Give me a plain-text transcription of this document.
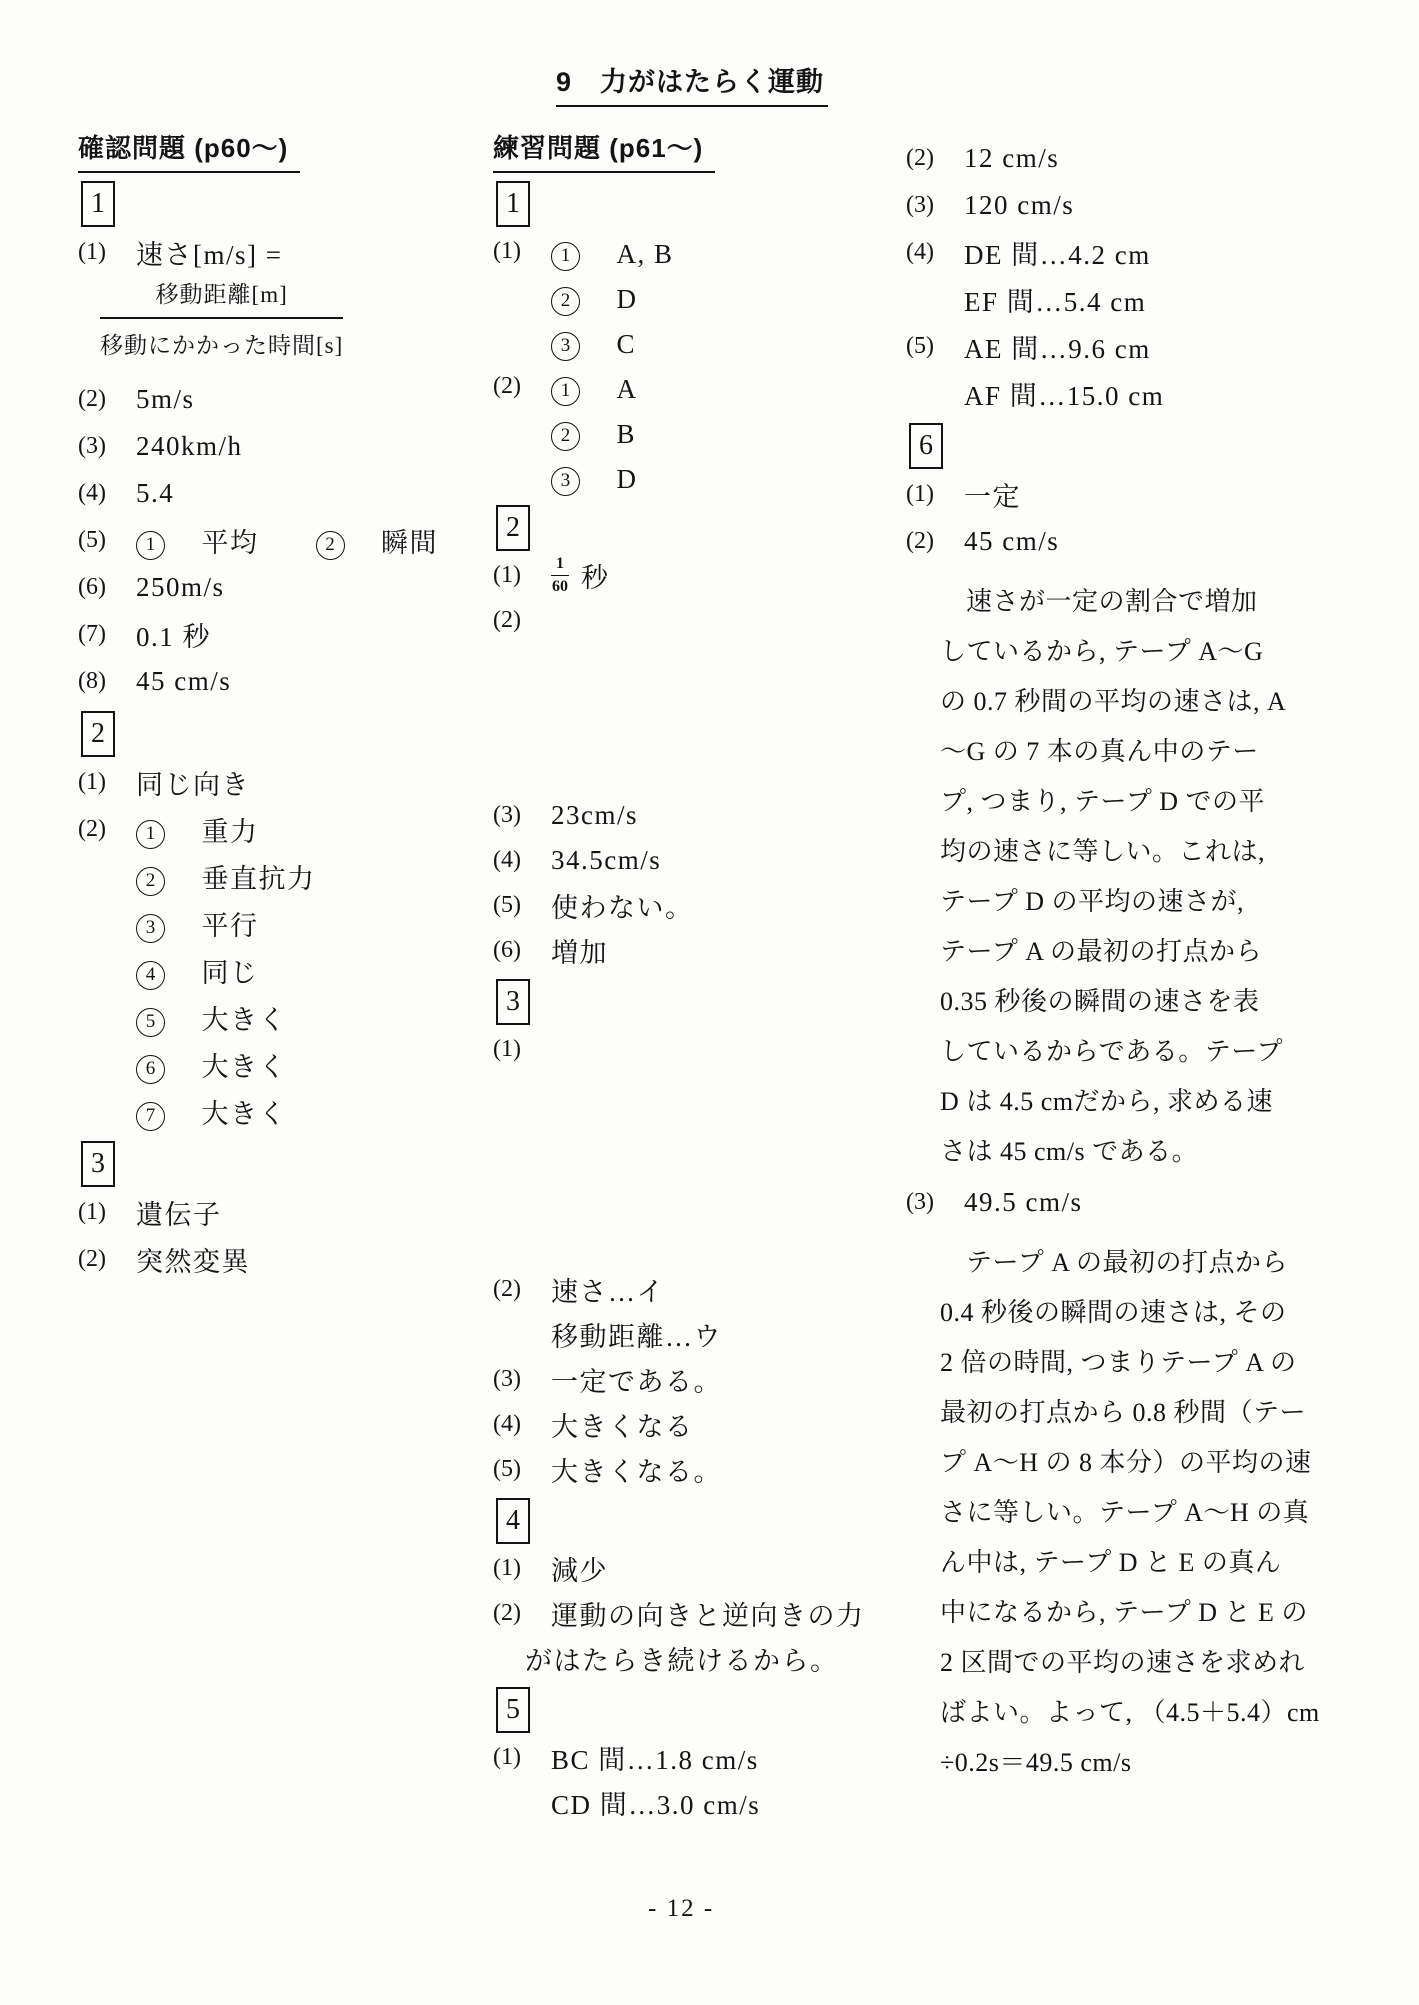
9　力がはたらく運動
確認問題 (p60～)
1
(1)	速さ[m/s] =
$\frac{\text{移動距離[m]}}{\text{移動にかかった時間[s]}}$
(2)	5m/s
(3)	240km/h
(4)	5.4
(5)	1　平均　　2　瞬間
(6)	250m/s
(7)	0.1 秒
(8)	45 cm/s
2
(1)	同じ向き
(2)	1　重力
2　垂直抗力
3　平行
4　同じ
5　大きく
6　大きく
7　大きく
3
(1)	遺伝子
(2)	突然変異
練習問題 (p61～)
1
(1)	1　A, B
2　D
3　C
(2)	1　A
2　B
3　D
2
(1)	$\frac{1}{60}$ 秒
(2)
(3)	23cm/s
(4)	34.5cm/s
(5)	使わない。
(6)	増加
3
(1)
(2)	速さ…イ
移動距離…ウ
(3)	一定である。
(4)	大きくなる
(5)	大きくなる。
4
(1)	減少
(2)	運動の向きと逆向きの力
がはたらき続けるから。
5
(1)	BC 間…1.8 cm/s
CD 間…3.0 cm/s
(2)	12 cm/s
(3)	120 cm/s
(4)	DE 間…4.2 cm
EF 間…5.4 cm
(5)	AE 間…9.6 cm
AF 間…15.0 cm
6
(1)	一定
(2)	45 cm/s
速さが一定の割合で増加
しているから, テープ A～G
の 0.7 秒間の平均の速さは, A
～G の 7 本の真ん中のテー
プ, つまり, テープ D での平
均の速さに等しい。これは,
テープ D の平均の速さが,
テープ A の最初の打点から
0.35 秒後の瞬間の速さを表
しているからである。テープ
D は 4.5 cmだから, 求める速
さは 45 cm/s である。
(3)	49.5 cm/s
テープ A の最初の打点から
0.4 秒後の瞬間の速さは, その
2 倍の時間, つまりテープ A の
最初の打点から 0.8 秒間（テー
プ A～H の 8 本分）の平均の速
さに等しい。テープ A～H の真
ん中は, テープ D と E の真ん
中になるから, テープ D と E の
2 区間での平均の速さを求めれ
ばよい。よって, （4.5＋5.4）cm
÷0.2s＝49.5 cm/s
- 12 -
